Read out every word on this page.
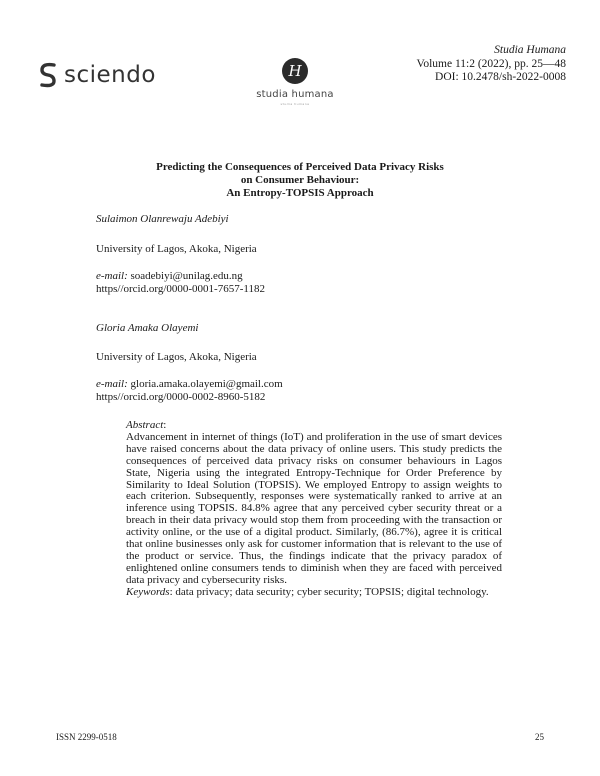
sciendo	H
studia humana
studia humana
Studia Humana
Volume 11:2 (2022), pp. 25—48
DOI: 10.2478/sh-2022-0008
Predicting the Consequences of Perceived Data Privacy Risks
on Consumer Behaviour:
An Entropy-TOPSIS Approach
Sulaimon Olanrewaju Adebiyi
University of Lagos, Akoka, Nigeria
e-mail: soadebiyi@unilag.edu.ng
https//orcid.org/0000-0001-7657-1182
Gloria Amaka Olayemi
University of Lagos, Akoka, Nigeria
e-mail: gloria.amaka.olayemi@gmail.com
https//orcid.org/0000-0002-8960-5182
Abstract:
Advancement in internet of things (IoT) and proliferation in the use of smart devices have raised concerns about the data privacy of online users. This study predicts the consequences of perceived data privacy risks on consumer behaviours in Lagos State, Nigeria using the integrated Entropy-Technique for Order Preference by Similarity to Ideal Solution (TOPSIS). We employed Entropy to assign weights to each criterion. Subsequently, responses were systematically ranked to arrive at an inference using TOPSIS. 84.8% agree that any perceived cyber security threat or a breach in their data privacy would stop them from proceeding with the transaction or activity online, or the use of a digital product. Similarly, (86.7%), agree it is critical that online businesses only ask for customer information that is relevant to the use of the product or service. Thus, the findings indicate that the privacy paradox of enlightened online consumers tends to diminish when they are faced with perceived data privacy and cybersecurity risks.
Keywords: data privacy; data security; cyber security; TOPSIS; digital technology.
ISSN 2299-0518	25
